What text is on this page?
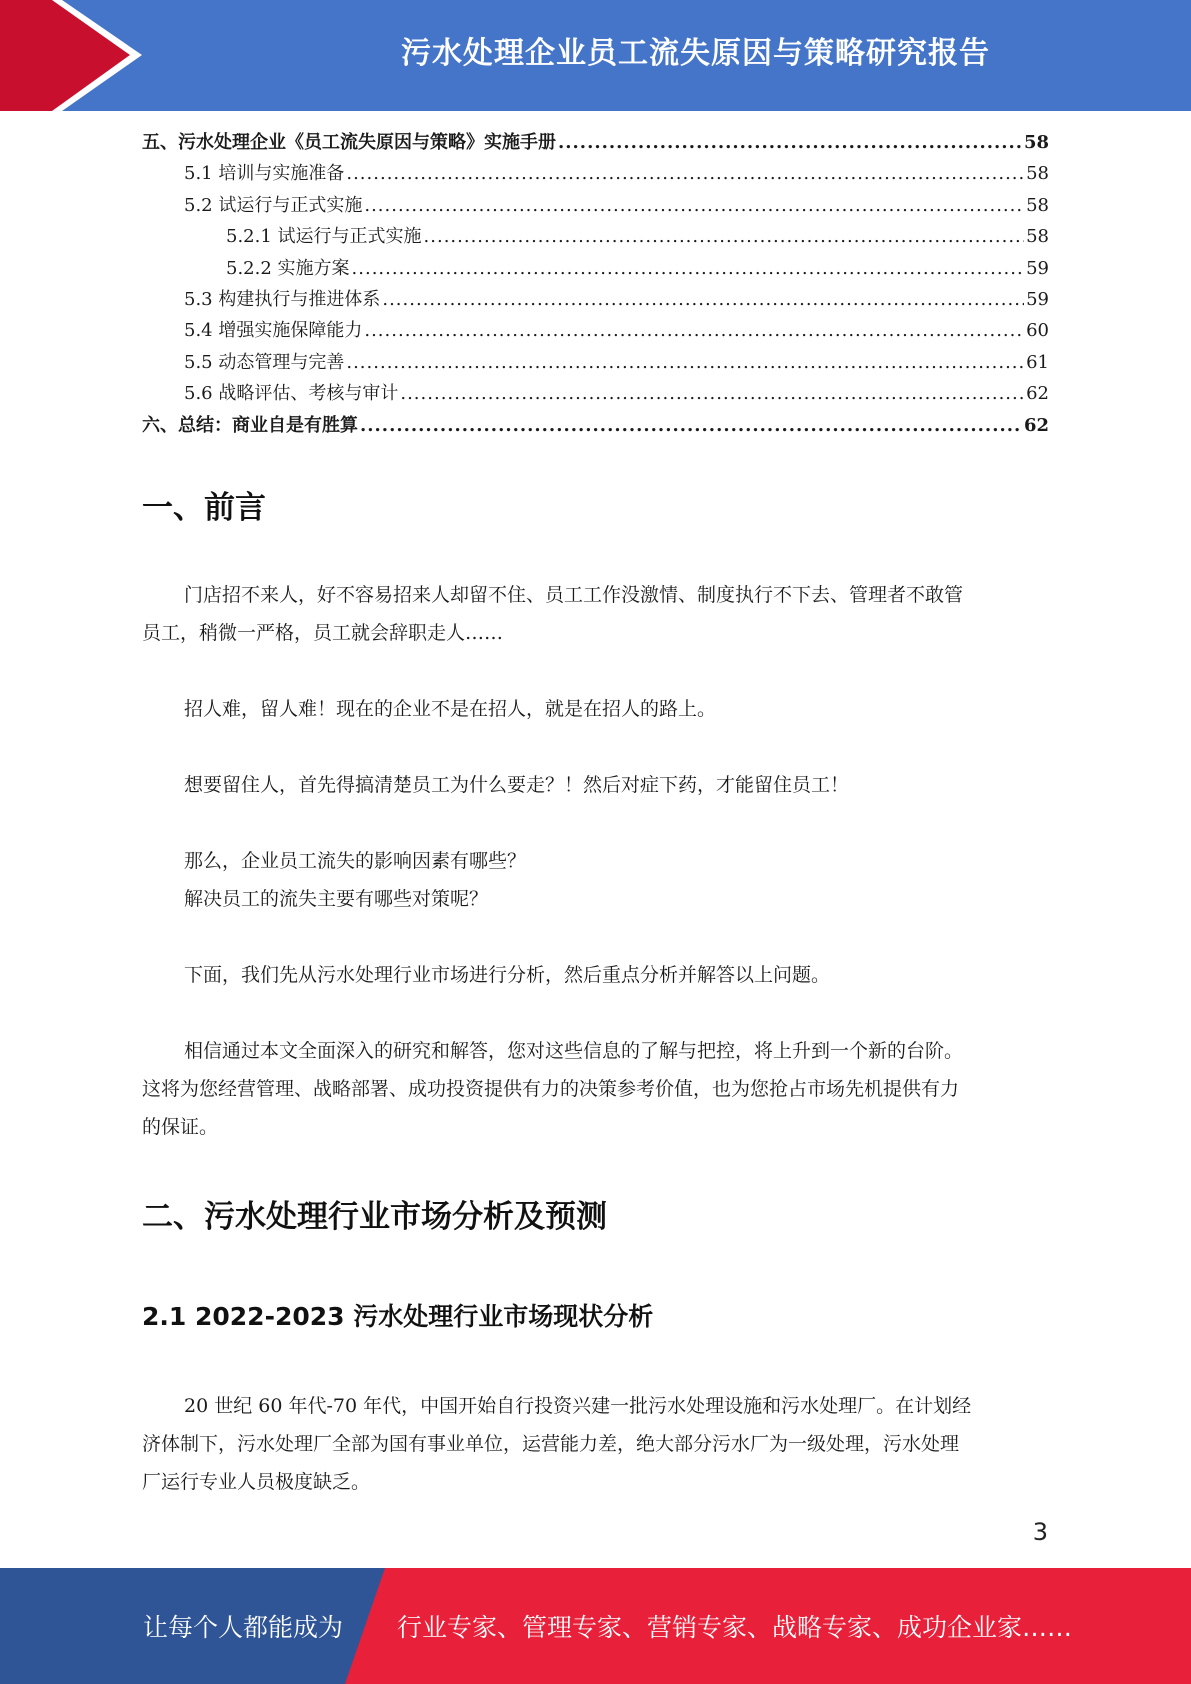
污水处理企业员工流失原因与策略研究报告
五、污水处理企业《员工流失原因与策略》实施手册 .....	58
5.1 培训与实施准备 .....	58
5.2 试运行与正式实施 .....	58
5.2.1 试运行与正式实施 .....	58
5.2.2 实施方案 .....	59
5.3 构建执行与推进体系 .....	59
5.4 增强实施保障能力 .....	60
5.5 动态管理与完善 .....	61
5.6 战略评估、考核与审计 .....	62
六、总结：商业自是有胜算 .....	62
一、前言

门店招不来人，好不容易招来人却留不住、员工工作没激情、制度执行不下去、管理者不敢管
员工，稍微一严格，员工就会辞职走人……

招人难，留人难！现在的企业不是在招人，就是在招人的路上。

想要留住人，首先得搞清楚员工为什么要走？！然后对症下药，才能留住员工！

那么，企业员工流失的影响因素有哪些？
解决员工的流失主要有哪些对策呢？

下面，我们先从污水处理行业市场进行分析，然后重点分析并解答以上问题。

相信通过本文全面深入的研究和解答，您对这些信息的了解与把控，将上升到一个新的台阶。
这将为您经营管理、战略部署、成功投资提供有力的决策参考价值，也为您抢占市场先机提供有力
的保证。

二、污水处理行业市场分析及预测
2.1 2022-2023 污水处理行业市场现状分析

20 世纪 60 年代-70 年代，中国开始自行投资兴建一批污水处理设施和污水处理厂。在计划经
济体制下，污水处理厂全部为国有事业单位，运营能力差，绝大部分污水厂为一级处理，污水处理
厂运行专业人员极度缺乏。

3
让每个人都能成为 行业专家、管理专家、营销专家、战略专家、成功企业家……
